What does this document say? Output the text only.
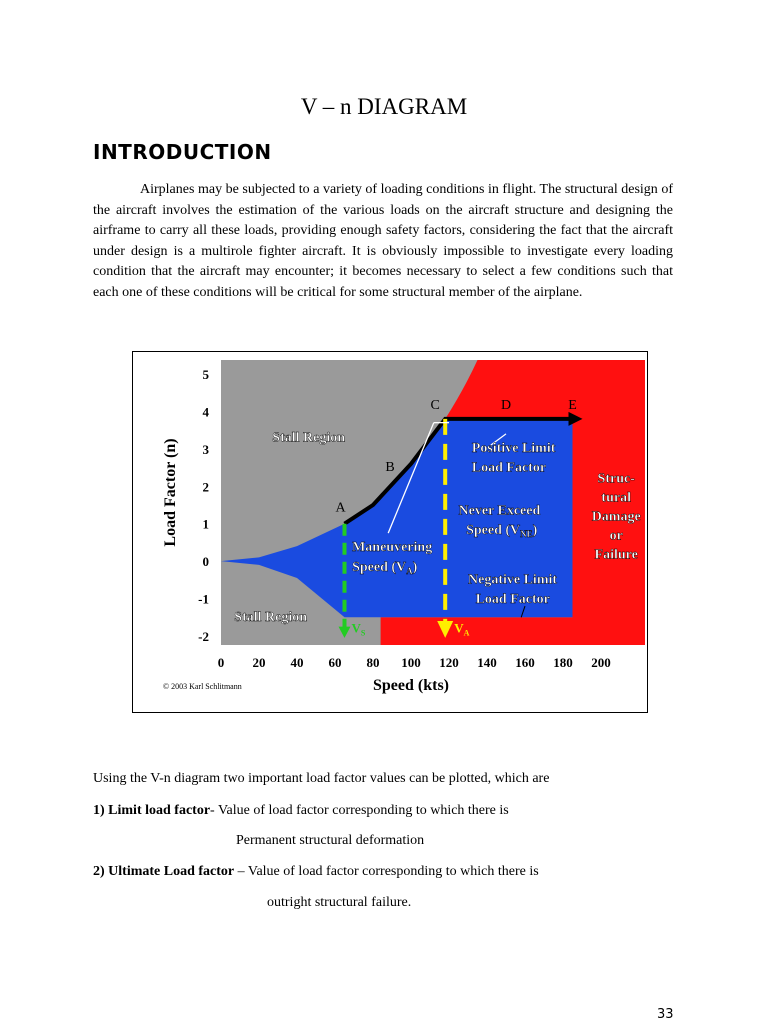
V – n DIAGRAM
INTRODUCTION

Airplanes may be subjected to a variety of loading conditions in flight. The structural design of the aircraft involves the estimation of the various loads on the aircraft structure and designing the airframe to carry all these loads, providing enough safety factors, considering the fact that the aircraft under design is a multirole fighter aircraft. It is obviously impossible to investigate every loading condition that the aircraft may encounter; it becomes necessary to select a few conditions such that each one of these conditions will be critical for some structural member of the airplane.

5
4
3
2
1
0
-1
-2
0 20 40 60 80 100 120 140 160 180 200
Load Factor (n)
Speed (kts)
© 2003 Karl Schlitmann
A
B
C	D	E
Stall Region
Stall Region
Positive Limit
Load Factor
Never Exceed
Speed $(V_{NE})$
Negative Limit
Load Factor
Maneuvering
Speed $(V_A)$
Struc-
tural
Damage
or
Failure
$V_S$	$V_A$
Using the V-n diagram two important load factor values can be plotted, which are
1) Limit load factor- Value of load factor corresponding to which there is
Permanent structural deformation
2) Ultimate Load factor – Value of load factor corresponding to which there is
outright structural failure.
33
